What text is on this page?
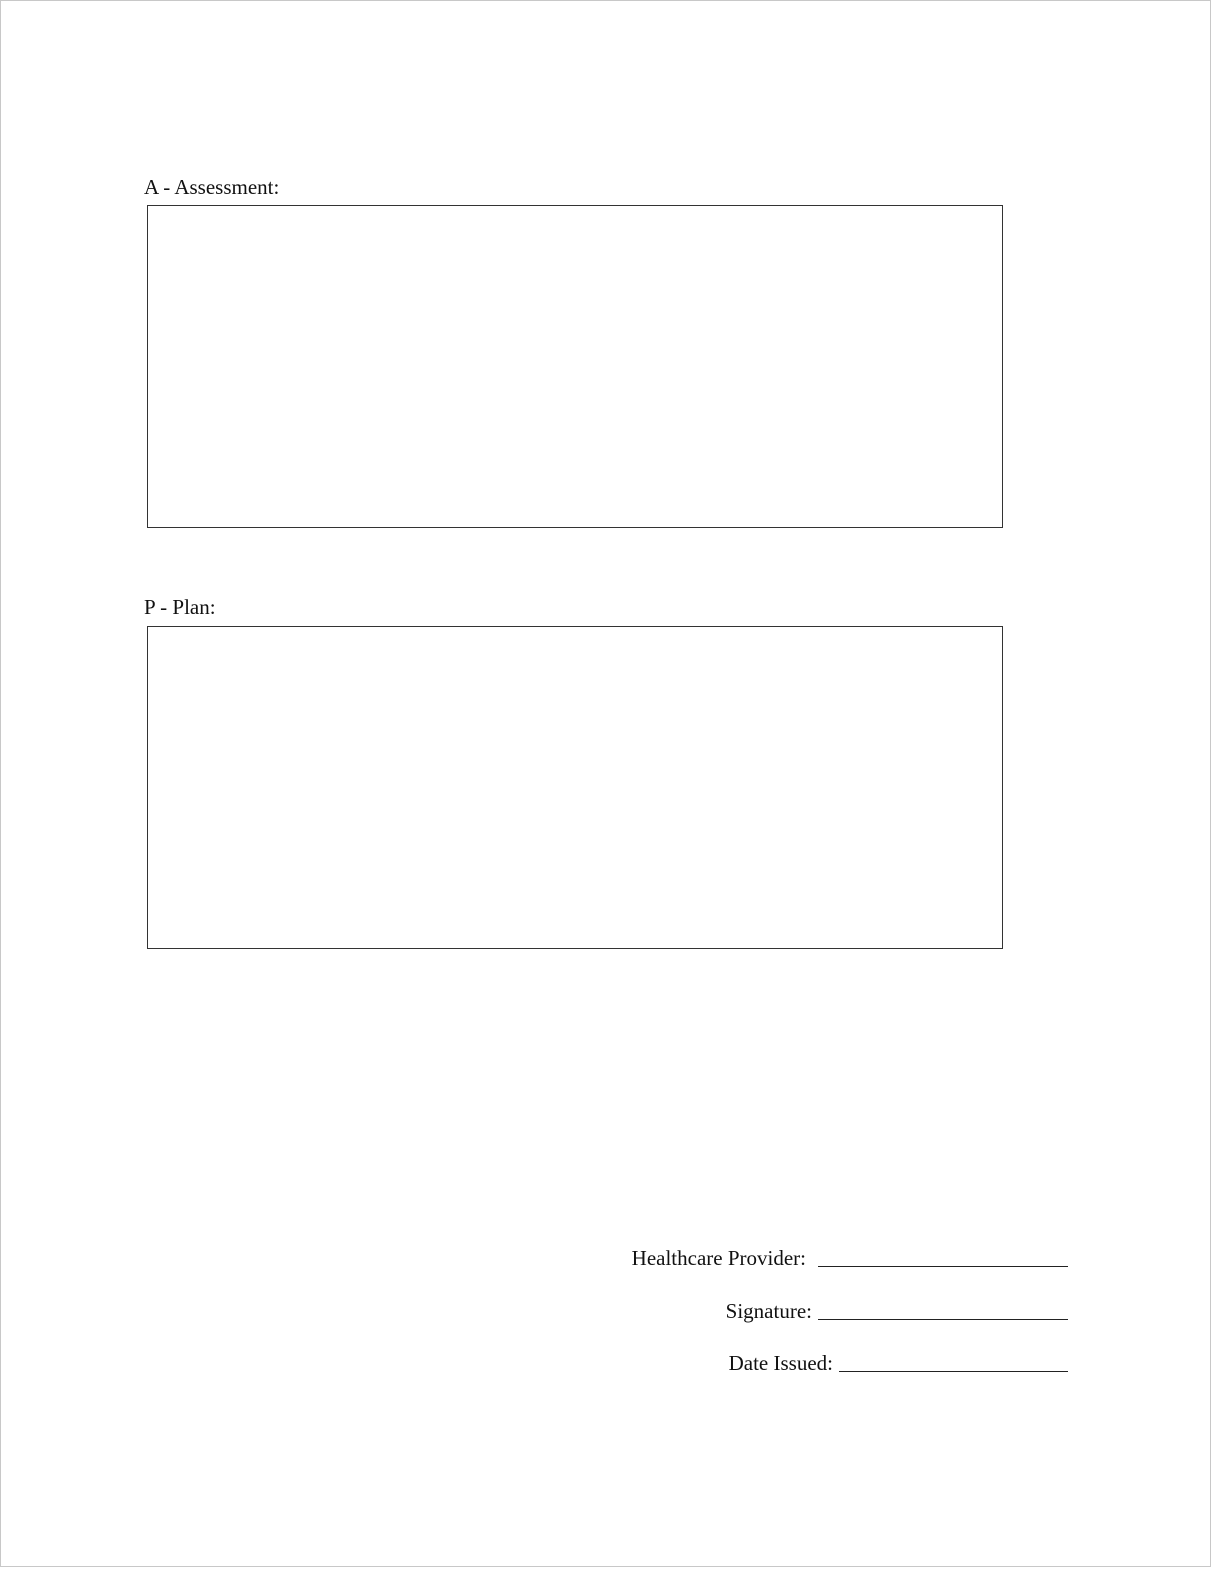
A - Assessment:
P - Plan:
Healthcare Provider:
Signature:
Date Issued:
